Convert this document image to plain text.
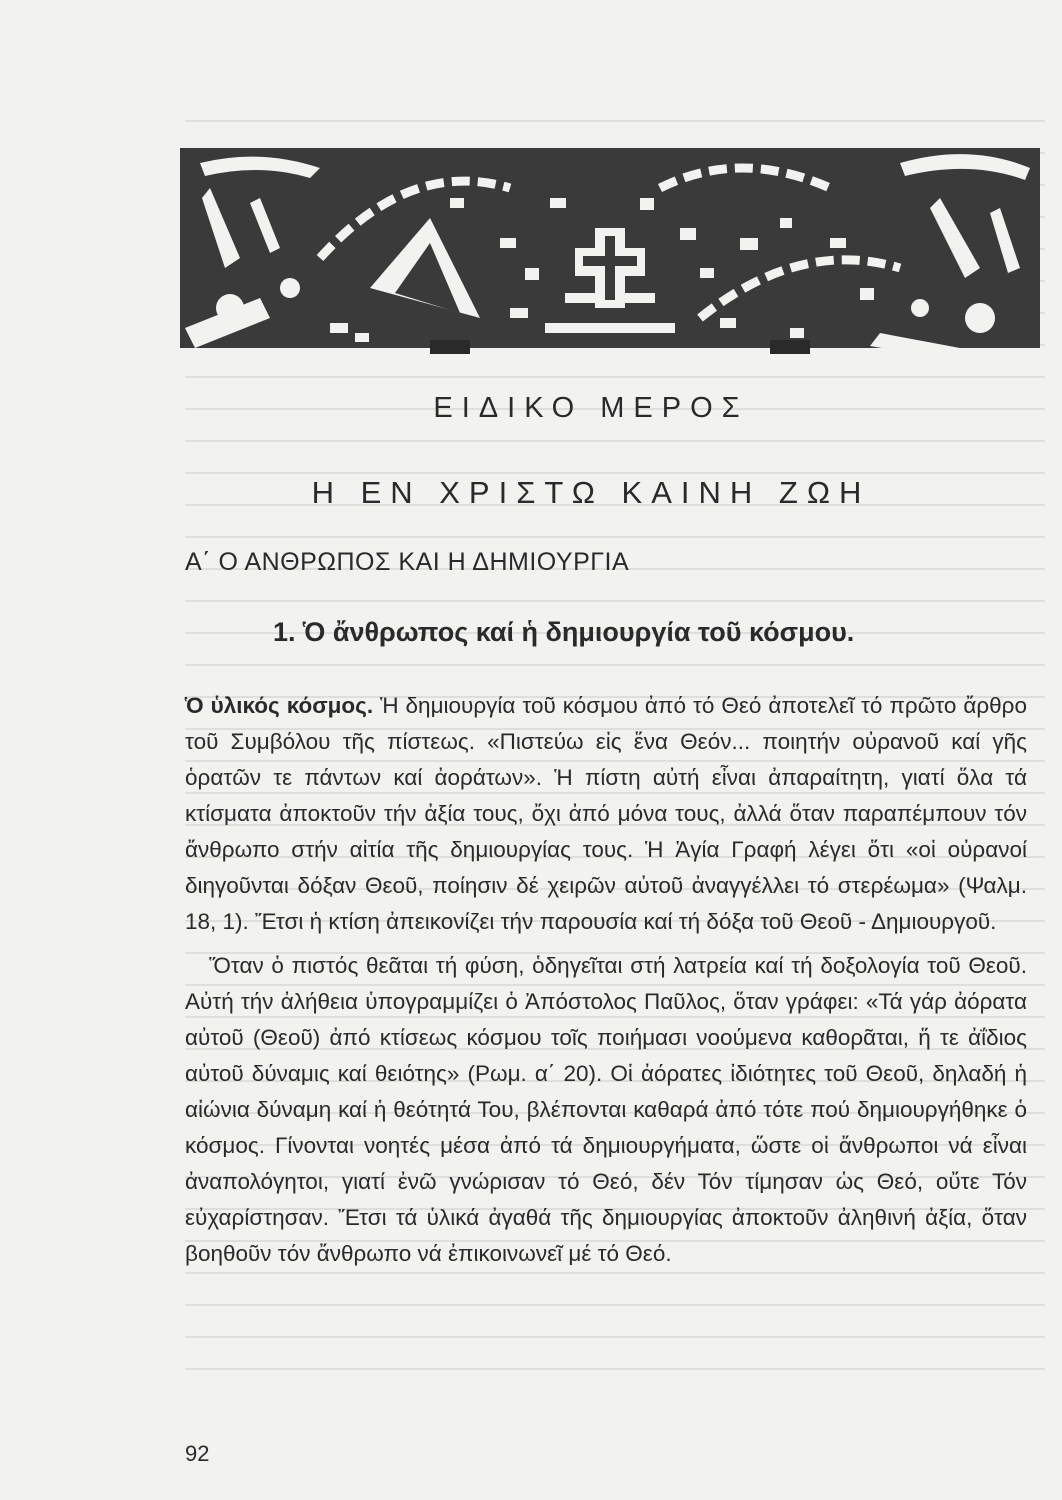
ΕΙΔΙΚΟ ΜΕΡΟΣ
Η ΕΝ ΧΡΙΣΤΩ ΚΑΙΝΗ ΖΩΗ
Α΄ Ο ΑΝΘΡΩΠΟΣ ΚΑΙ Η ΔΗΜΙΟΥΡΓΙΑ
1. Ὁ ἄνθρωπος καί ἡ δημιουργία τοῦ κόσμου.

Ὁ ὑλικός κόσμος. Ἡ δημιουργία τοῦ κόσμου ἀπό τό Θεό ἀποτελεῖ τό πρῶτο ἄρθρο τοῦ Συμβόλου τῆς πίστεως. «Πιστεύω εἰς ἕνα Θεόν... ποιητήν οὐρανοῦ καί γῆς ὁρατῶν τε πάντων καί ἀοράτων». Ἡ πίστη αὐτή εἶναι ἀπαραίτητη, γιατί ὅλα τά κτίσματα ἀποκτοῦν τήν ἀξία τους, ὄχι ἀπό μόνα τους, ἀλλά ὅταν παραπέμπουν τόν ἄνθρωπο στήν αἰτία τῆς δημιουργίας τους. Ἡ Ἁγία Γραφή λέγει ὅτι «οἱ οὐρανοί διηγοῦνται δόξαν Θεοῦ, ποίησιν δέ χειρῶν αὐτοῦ ἀναγγέλλει τό στερέωμα» (Ψαλμ. 18, 1). Ἔτσι ἡ κτίση ἀπεικονίζει τήν παρουσία καί τή δόξα τοῦ Θεοῦ - Δημιουργοῦ.

Ὅταν ὁ πιστός θεᾶται τή φύση, ὁδηγεῖται στή λατρεία καί τή δοξολογία τοῦ Θεοῦ. Αὐτή τήν ἀλήθεια ὑπογραμμίζει ὁ Ἀπόστολος Παῦλος, ὅταν γράφει: «Τά γάρ ἀόρατα αὐτοῦ (Θεοῦ) ἀπό κτίσεως κόσμου τοῖς ποιήμασι νοούμενα καθορᾶται, ἥ τε ἀΐδιος αὐτοῦ δύναμις καί θειότης» (Ρωμ. α΄ 20). Οἱ ἀόρατες ἰδιότητες τοῦ Θεοῦ, δηλαδή ἡ αἰώνια δύναμη καί ἡ θεότητά Του, βλέπονται καθαρά ἀπό τότε πού δημιουργήθηκε ὁ κόσμος. Γίνονται νοητές μέσα ἀπό τά δημιουργήματα, ὥστε οἱ ἄνθρωποι νά εἶναι ἀναπολόγητοι, γιατί ἐνῶ γνώρισαν τό Θεό, δέν Τόν τίμησαν ὡς Θεό, οὔτε Τόν εὐχαρίστησαν. Ἔτσι τά ὑλικά ἀγαθά τῆς δημιουργίας ἀποκτοῦν ἀληθινή ἀξία, ὅταν βοηθοῦν τόν ἄνθρωπο νά ἐπικοινωνεῖ μέ τό Θεό.

92
